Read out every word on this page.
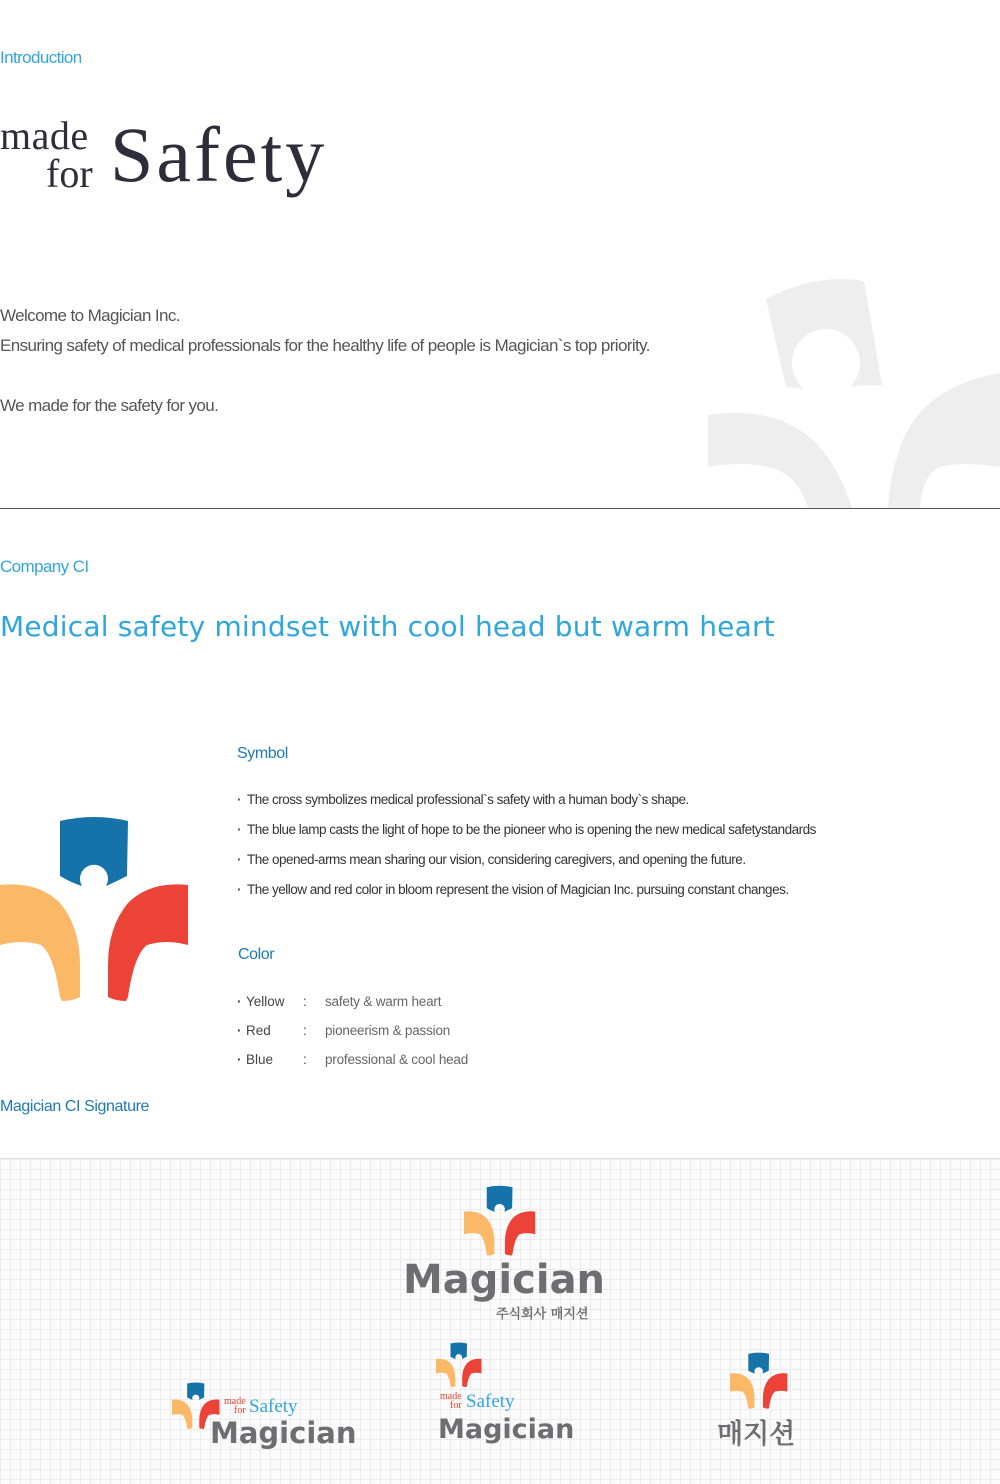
Introduction
made
for Safety
Welcome to Magician Inc.
Ensuring safety of medical professionals for the healthy life of people is Magician`s top priority.
We made for the safety for you.
Company CI
Medical safety mindset with cool head but warm heart
Symbol
· The cross symbolizes medical professional`s safety with a human body`s shape.
· The blue lamp casts the light of hope to be the pioneer who is opening the new medical safetystandards
· The opened-arms mean sharing our vision, considering caregivers, and opening the future.
· The yellow and red color in bloom represent the vision of Magician Inc. pursuing constant changes.
Color
· Yellow : safety & warm heart
· Red : pioneerism & passion
· Blue : professional & cool head
Magician CI Signature
Magician
주식회사 매지션
made
for Safety
Magician
made
for Safety
Magician	매지션
